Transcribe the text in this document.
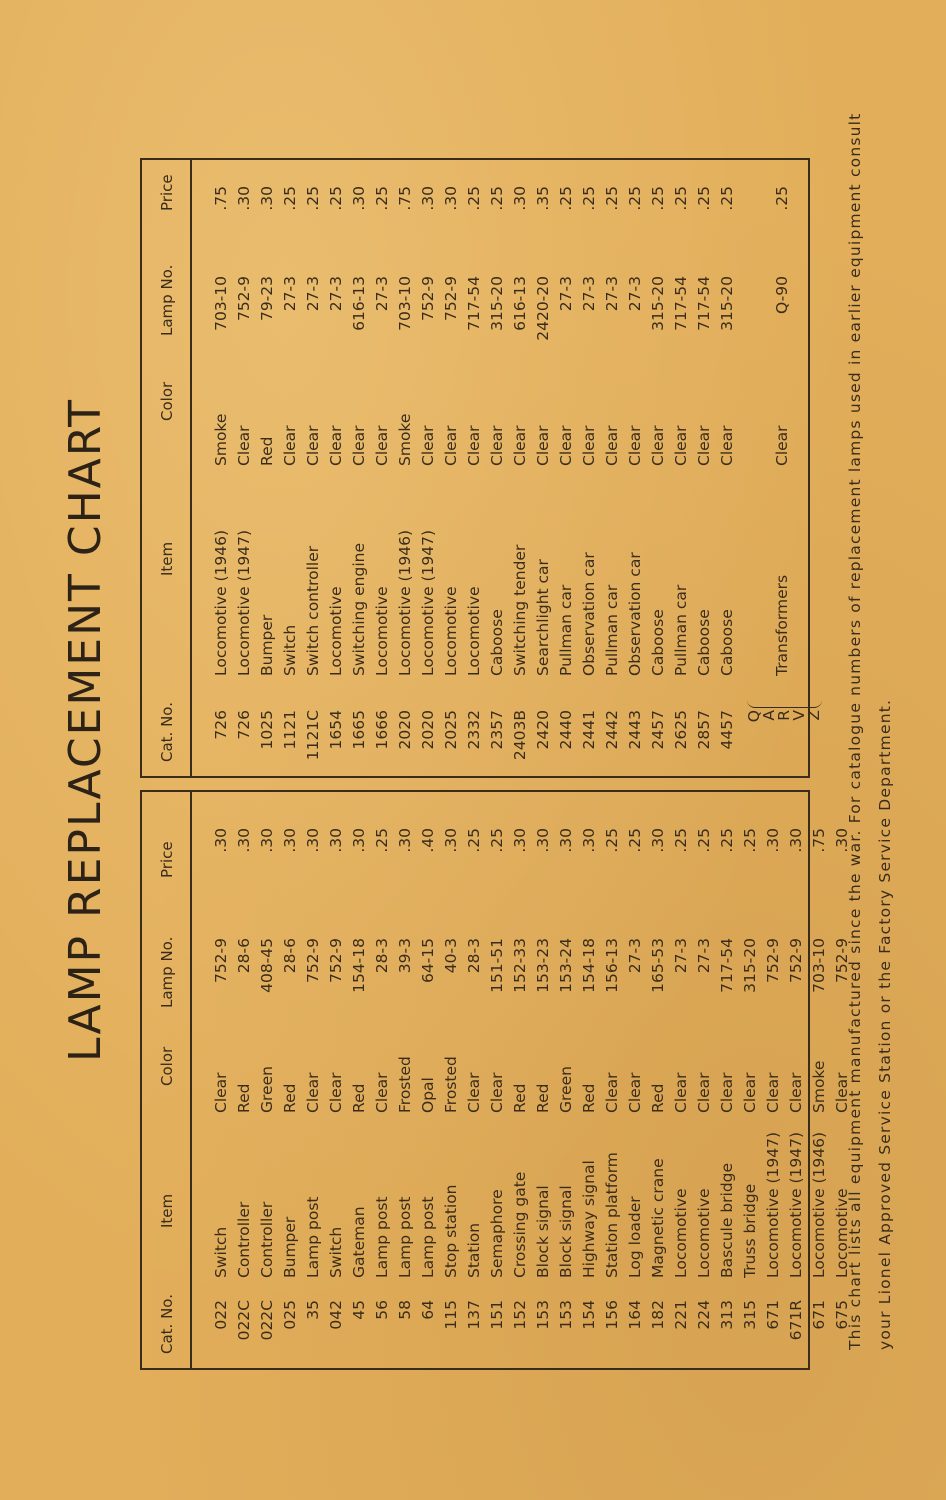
LAMP REPLACEMENT CHART
Cat. No.
Item
Color
Lamp No.
Price
022
Switch
Clear
752-9
.30
022C
Controller
Red
28-6
.30
022C
Controller
Green
408-45
.30
025
Bumper
Red
28-6
.30
35
Lamp post
Clear
752-9
.30
042
Switch
Clear
752-9
.30
45
Gateman
Red
154-18
.30
56
Lamp post
Clear
28-3
.25
58
Lamp post
Frosted
39-3
.30
64
Lamp post
Opal
64-15
.40
115
Stop station
Frosted
40-3
.30
137
Station
Clear
28-3
.25
151
Semaphore
Clear
151-51
.25
152
Crossing gate
Red
152-33
.30
153
Block signal
Red
153-23
.30
153
Block signal
Green
153-24
.30
154
Highway signal
Red
154-18
.30
156
Station platform
Clear
156-13
.25
164
Log loader
Clear
27-3
.25
182
Magnetic crane
Red
165-53
.30
221
Locomotive
Clear
27-3
.25
224
Locomotive
Clear
27-3
.25
313
Bascule bridge
Clear
717-54
.25
315
Truss bridge
Clear
315-20
.25
671
Locomotive (1947)
Clear
752-9
.30
671R
Locomotive (1947)
Clear
752-9
.30
671
Locomotive (1946)
Smoke
703-10
.75
675
Locomotive
Clear
752-9
.30
Cat. No.
Item
Color
Lamp No.
Price
726
Locomotive (1946)
Smoke
703-10
.75
726
Locomotive (1947)
Clear
752-9
.30
1025
Bumper
Red
79-23
.30
1121
Switch
Clear
27-3
.25
1121C
Switch controller
Clear
27-3
.25
1654
Locomotive
Clear
27-3
.25
1665
Switching engine
Clear
616-13
.30
1666
Locomotive
Clear
27-3
.25
2020
Locomotive (1946)
Smoke
703-10
.75
2020
Locomotive (1947)
Clear
752-9
.30
2025
Locomotive
Clear
752-9
.30
2332
Locomotive
Clear
717-54
.25
2357
Caboose
Clear
315-20
.25
2403B
Switching tender
Clear
616-13
.30
2420
Searchlight car
Clear
2420-20
.35
2440
Pullman car
Clear
27-3
.25
2441
Observation car
Clear
27-3
.25
2442
Pullman car
Clear
27-3
.25
2443
Observation car
Clear
27-3
.25
2457
Caboose
Clear
315-20
.25
2625
Pullman car
Clear
717-54
.25
2857
Caboose
Clear
717-54
.25
4457
Caboose
Clear
315-20
.25
Q
A
R
V
Z
Transformers
Clear
Q-90
.25	This chart lists all equipment manufactured since the war. For catalogue numbers of replacement lamps used in earlier equipment consult your Lionel Approved Service Station or the Factory Service Department.
